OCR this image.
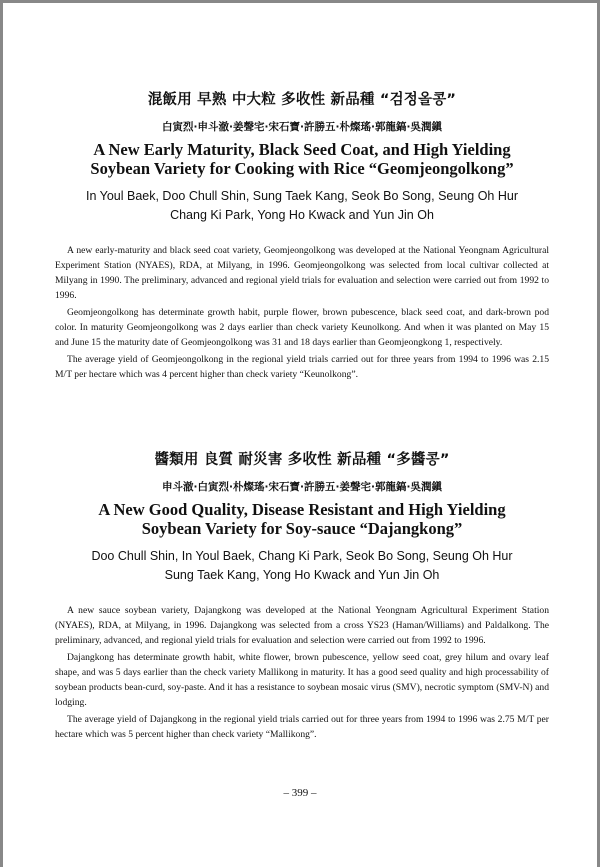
混飯用 早熟 中大粒 多收性 新品種 “검정올콩”

白寅烈·申斗澈·姜聲宅·宋石寶·許勝五·朴燦瑤·郭龍鎬·吳潤鎭

A New Early Maturity, Black Seed Coat, and High Yielding
Soybean Variety for Cooking with Rice “Geomjeongolkong”

In Youl Baek, Doo Chull Shin, Sung Taek Kang, Seok Bo Song, Seung Oh Hur
Chang Ki Park, Yong Ho Kwack and Yun Jin Oh

A new early-maturity and black seed coat variety, Geomjeongolkong was developed at the National Yeongnam Agricultural Experiment Station (NYAES), RDA, at Milyang, in 1996. Geomjeongolkong was selected from local cultivar collected at Milyang in 1990. The preliminary, advanced and regional yield trials for evaluation and selection were carried out from 1992 to 1996.

Geomjeongolkong has determinate growth habit, purple flower, brown pubescence, black seed coat, and dark-brown pod color. In maturity Geomjeongolkong was 2 days earlier than check variety Keunolkong. And when it was planted on May 15 and June 15 the maturity date of Geomjeongolkong was 31 and 18 days earlier than Geomjeongkong 1, respectively.

The average yield of Geomjeongolkong in the regional yield trials carried out for three years from 1994 to 1996 was 2.15 M/T per hectare which was 4 percent higher than check variety “Keunolkong”.

醬類用 良質 耐災害 多收性 新品種 “多醬콩”

申斗澈·白寅烈·朴燦瑤·宋石寶·許勝五·姜聲宅·郭龍鎬·吳潤鎭

A New Good Quality, Disease Resistant and High Yielding
Soybean Variety for Soy-sauce “Dajangkong”

Doo Chull Shin, In Youl Baek, Chang Ki Park, Seok Bo Song, Seung Oh Hur
Sung Taek Kang, Yong Ho Kwack and Yun Jin Oh

A new sauce soybean variety, Dajangkong was developed at the National Yeongnam Agricultural Experiment Station (NYAES), RDA, at Milyang, in 1996. Dajangkong was selected from a cross YS23 (Haman/Williams) and Paldalkong. The preliminary, advanced, and regional yield trials for evaluation and selection were carried out from 1992 to 1996.

Dajangkong has determinate growth habit, white flower, brown pubescence, yellow seed coat, grey hilum and ovary leaf shape, and was 5 days earlier than the check variety Mallikong in maturity. It has a good seed quality and high processability of soybean products bean-curd, soy-paste. And it has a resistance to soybean mosaic virus (SMV), necrotic symptom (SMV-N) and lodging.

The average yield of Dajangkong in the regional yield trials carried out for three years from 1994 to 1996 was 2.75 M/T per hectare which was 5 percent higher than check variety “Mallikong”.

– 399 –
